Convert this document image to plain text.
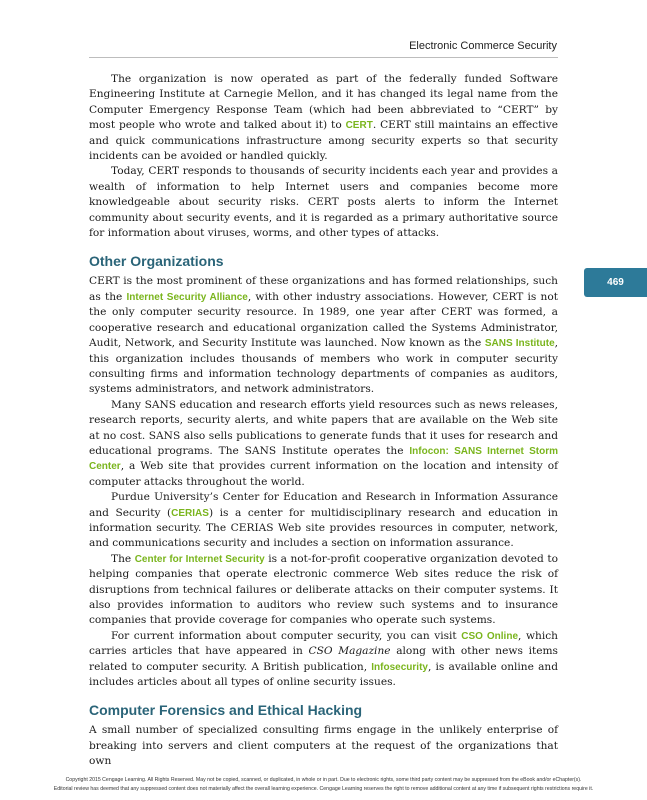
Electronic Commerce Security
469

The organization is now operated as part of the federally funded Software Engineering Institute at Carnegie Mellon, and it has changed its legal name from the Computer Emergency Response Team (which had been abbreviated to “CERT” by most people who wrote and talked about it) to CERT. CERT still maintains an effective and quick communications infrastructure among security experts so that security incidents can be avoided or handled quickly.

Today, CERT responds to thousands of security incidents each year and provides a wealth of information to help Internet users and companies become more knowledgeable about security risks. CERT posts alerts to inform the Internet community about security events, and it is regarded as a primary authoritative source for information about viruses, worms, and other types of attacks.

Other Organizations

CERT is the most prominent of these organizations and has formed relationships, such as the Internet Security Alliance, with other industry associations. However, CERT is not the only computer security resource. In 1989, one year after CERT was formed, a cooperative research and educational organization called the Systems Administrator, Audit, Network, and Security Institute was launched. Now known as the SANS Institute, this organization includes thousands of members who work in computer security consulting firms and information technology departments of companies as auditors, systems administrators, and network administrators.

Many SANS education and research efforts yield resources such as news releases, research reports, security alerts, and white papers that are available on the Web site at no cost. SANS also sells publications to generate funds that it uses for research and educational programs. The SANS Institute operates the Infocon: SANS Internet Storm Center, a Web site that provides current information on the location and intensity of computer attacks throughout the world.

Purdue University’s Center for Education and Research in Information Assurance and Security (CERIAS) is a center for multidisciplinary research and education in information security. The CERIAS Web site provides resources in computer, network, and communications security and includes a section on information assurance.

The Center for Internet Security is a not-for-profit cooperative organization devoted to helping companies that operate electronic commerce Web sites reduce the risk of disruptions from technical failures or deliberate attacks on their computer systems. It also provides information to auditors who review such systems and to insurance companies that provide coverage for companies who operate such systems.

For current information about computer security, you can visit CSO Online, which carries articles that have appeared in CSO Magazine along with other news items related to computer security. A British publication, Infosecurity, is available online and includes articles about all types of online security issues.

Computer Forensics and Ethical Hacking

A small number of specialized consulting firms engage in the unlikely enterprise of breaking into servers and client computers at the request of the organizations that own

Copyright 2015 Cengage Learning. All Rights Reserved. May not be copied, scanned, or duplicated, in whole or in part. Due to electronic rights, some third party content may be suppressed from the eBook and/or eChapter(s).
Editorial review has deemed that any suppressed content does not materially affect the overall learning experience. Cengage Learning reserves the right to remove additional content at any time if subsequent rights restrictions require it.
